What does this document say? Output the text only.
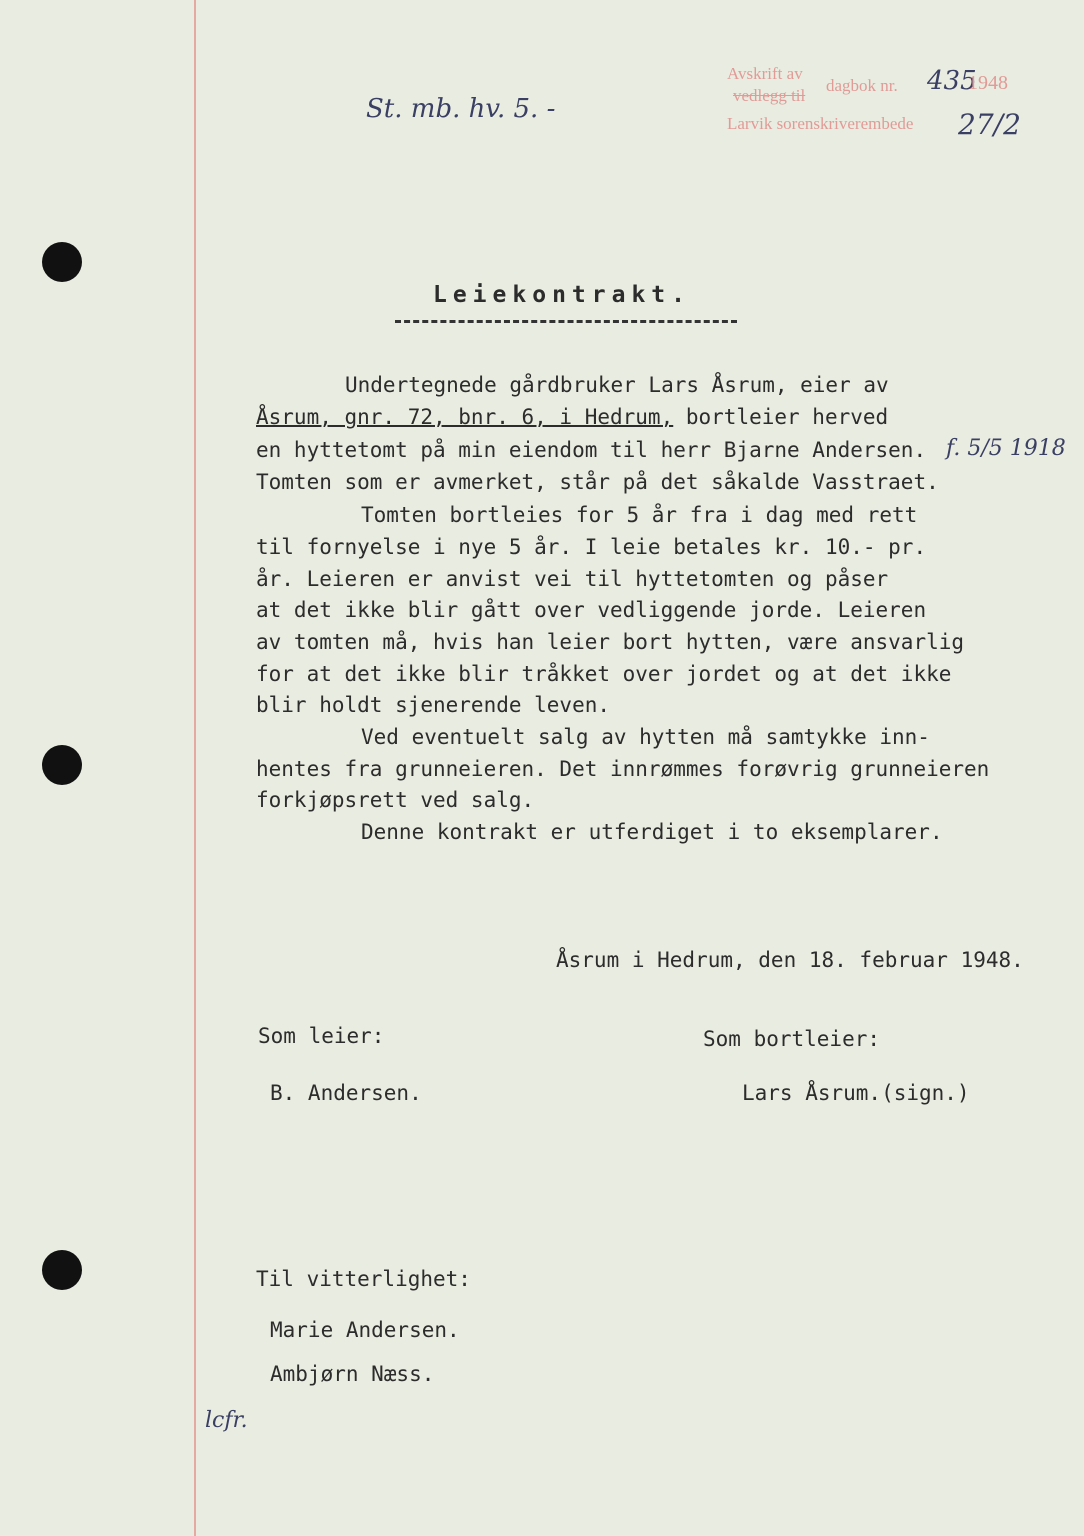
St. mb. hv. 5. -
Avskrift av
vedlegg til
dagbok nr. 435
1948
Larvik sorenskriverembede 27/2
Leiekontrakt.
Undertegnede gårdbruker Lars Åsrum, eier av
Åsrum, gnr. 72, bnr. 6, i Hedrum, bortleier herved
en hyttetomt på min eiendom til herr Bjarne Andersen. f. 5/5 1918
Tomten som er avmerket, står på det såkalde Vasstraet.
Tomten bortleies for 5 år fra i dag med rett
til fornyelse i nye 5 år. I leie betales kr. 10.- pr.
år. Leieren er anvist vei til hyttetomten og påser
at det ikke blir gått over vedliggende jorde. Leieren
av tomten må, hvis han leier bort hytten, være ansvarlig
for at det ikke blir tråkket over jordet og at det ikke
blir holdt sjenerende leven.
Ved eventuelt salg av hytten må samtykke inn-
hentes fra grunneieren. Det innrømmes forøvrig grunneieren
forkjøpsrett ved salg.
Denne kontrakt er utferdiget i to eksemplarer.
Åsrum i Hedrum, den 18. februar 1948.
Som leier:	Som bortleier:
B. Andersen.	Lars Åsrum.(sign.)
Til vitterlighet:
Marie Andersen.
Ambjørn Næss.
lcfr.
